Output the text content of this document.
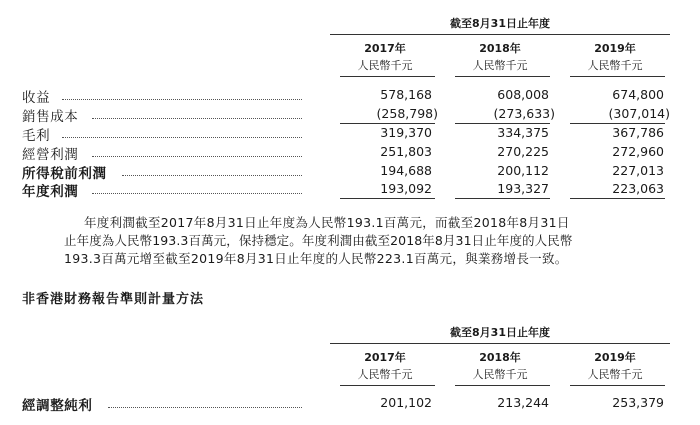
截至8月31日止年度
2017年	2018年	2019年
人民幣千元	人民幣千元	人民幣千元
收益	578,168	608,008	674,800
銷售成本	(258,798)	(273,633)	(307,014)
毛利	319,370	334,375	367,786
經營利潤	251,803	270,225	272,960
所得稅前利潤	194,688	200,112	227,013
年度利潤	193,092	193,327	223,063
年度利潤截至2017年8月31日止年度為人民幣193.1百萬元，而截至2018年8月31日
止年度為人民幣193.3百萬元，保持穩定。年度利潤由截至2018年8月31日止年度的人民幣
193.3百萬元增至截至2019年8月31日止年度的人民幣223.1百萬元，與業務增長一致。
非香港財務報告準則計量方法
截至8月31日止年度
2017年	2018年	2019年
人民幣千元	人民幣千元	人民幣千元
經調整純利	201,102	213,244	253,379
